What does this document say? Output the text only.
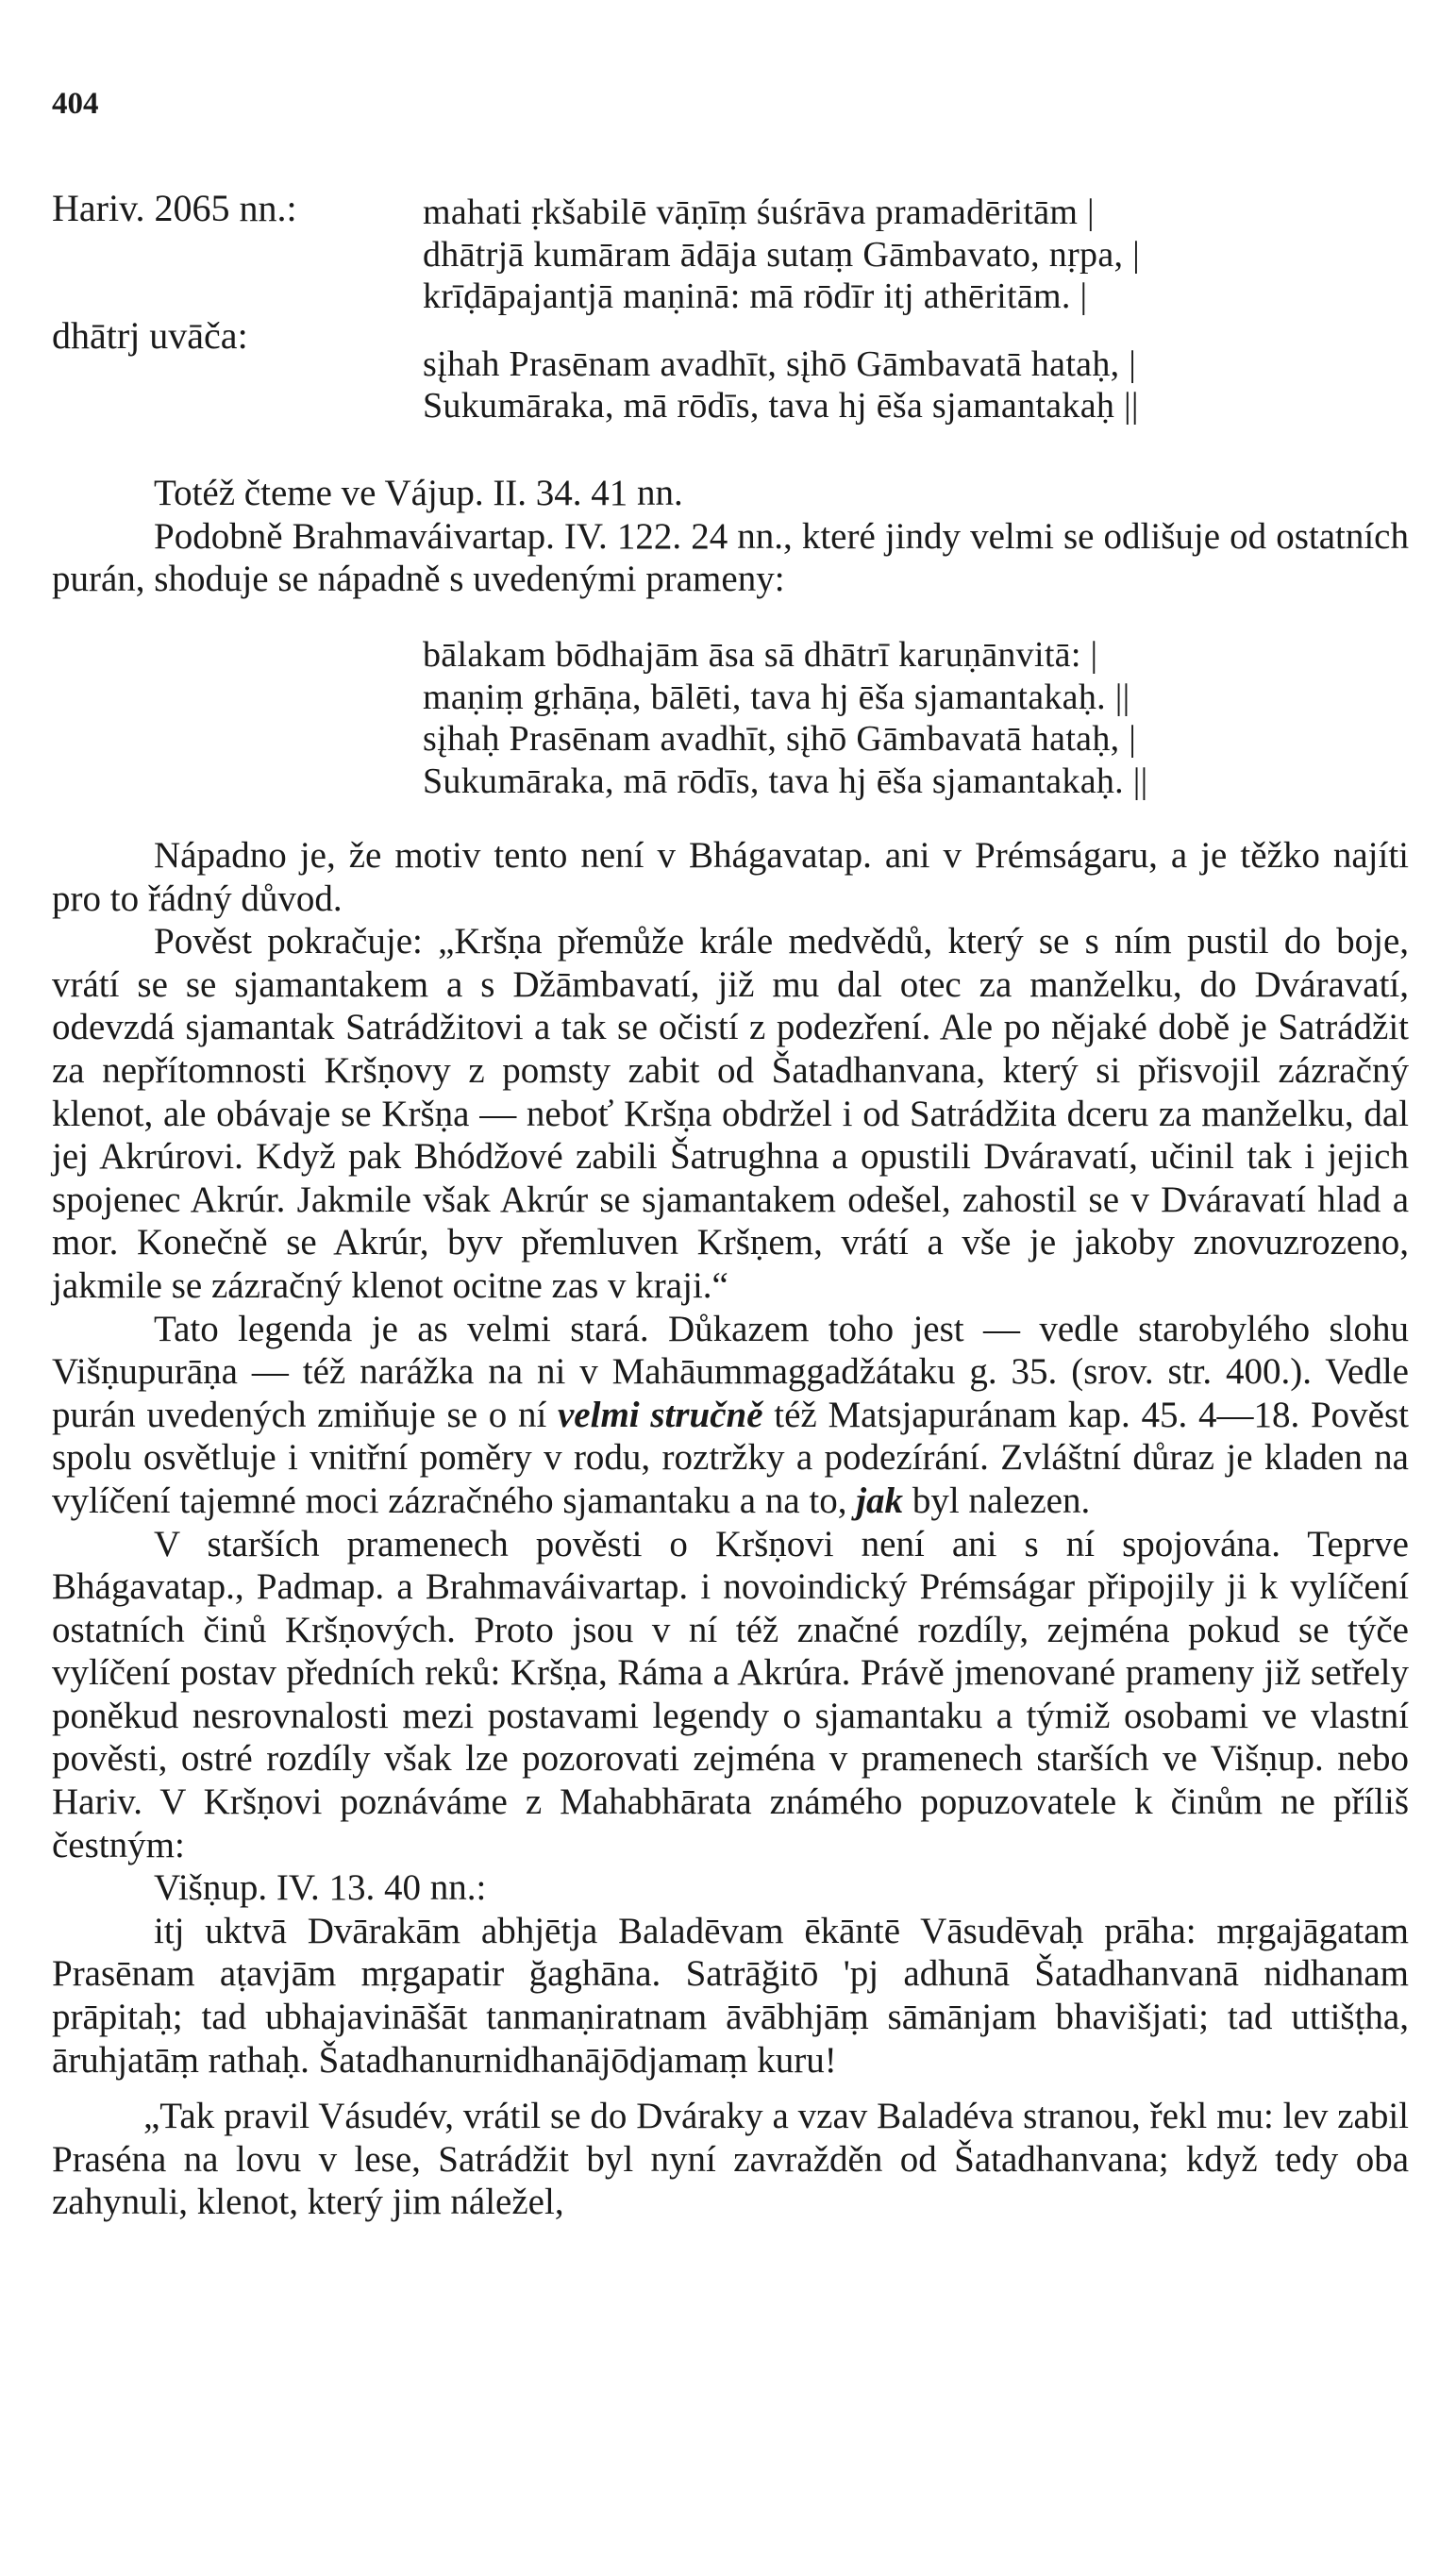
404
Hariv. 2065 nn.:
dhātrj uvāča:
mahati ṛkšabilē vāṇīṃ śuśrāva pramadēritām |
dhātrjā kumāram ādāja sutaṃ Gāmbavato, nṛpa, |
krīḍāpajantjā maṇinā: mā rōdīr itj athēritām. |
sįhah Prasēnam avadhīt, sįhō Gāmbavatā hataḥ, |
Sukumāraka, mā rōdīs, tava hj ēša sjamantakaḥ ||

Totéž čteme ve Vájup. II. 34. 41 nn.

Podobně Brahmaváivartap. IV. 122. 24 nn., které jindy velmi se odlišuje od ostatních purán, shoduje se nápadně s uvedenými prameny:

bālakam bōdhajām āsa sā dhātrī karuṇānvitā: |
maṇiṃ gṛhāṇa, bālēti, tava hj ēša sjamantakaḥ. ||
sįhaḥ Prasēnam avadhīt, sįhō Gāmbavatā hataḥ, |
Sukumāraka, mā rōdīs, tava hj ēša sjamantakaḥ. ||

Nápadno je, že motiv tento není v Bhágavatap. ani v Prémságaru, a je těžko najíti pro to řádný důvod.

Pověst pokračuje: „Kršṇa přemůže krále medvědů, který se s ním pustil do boje, vrátí se se sjamantakem a s Džāmbavatí, již mu dal otec za manželku, do Dváravatí, odevzdá sjamantak Satrádžitovi a tak se očistí z podezření. Ale po nějaké době je Satrádžit za nepřítomnosti Kršṇovy z pomsty zabit od Šatadhanvana, který si přisvojil zázračný klenot, ale obávaje se Kršṇa — neboť Kršṇa obdržel i od Satrádžita dceru za manželku, dal jej Akrúrovi. Když pak Bhódžové zabili Šatrughna a opustili Dváravatí, učinil tak i jejich spojenec Akrúr. Jakmile však Akrúr se sjamantakem odešel, zahostil se v Dváravatí hlad a mor. Konečně se Akrúr, byv přemluven Kršṇem, vrátí a vše je jakoby znovuzrozeno, jakmile se zázračný klenot ocitne zas v kraji.“

Tato legenda je as velmi stará. Důkazem toho jest — vedle starobylého slohu Višṇupurāṇa — též narážka na ni v Mahāummaggadžátaku g. 35. (srov. str. 400.). Vedle purán uvedených zmiňuje se o ní velmi stručně též Matsjapuránam kap. 45. 4—18. Pověst spolu osvětluje i vnitřní poměry v rodu, roztržky a podezírání. Zvláštní důraz je kladen na vylíčení tajemné moci zázračného sjamantaku a na to, jak byl nalezen.

V starších pramenech pověsti o Kršṇovi není ani s ní spojována. Teprve Bhágavatap., Padmap. a Brahmaváivartap. i novoindický Prémságar připojily ji k vylíčení ostatních činů Kršṇových. Proto jsou v ní též značné rozdíly, zejména pokud se týče vylíčení postav předních reků: Kršṇa, Ráma a Akrúra. Právě jmenované prameny již setřely poněkud nesrovnalosti mezi postavami legendy o sjamantaku a týmiž osobami ve vlastní pověsti, ostré rozdíly však lze pozorovati zejména v pramenech starších ve Višṇup. nebo Hariv. V Kršṇovi poznáváme z Mahabhārata známého popuzovatele k činům ne příliš čestným:

Višṇup. IV. 13. 40 nn.:

itj uktvā Dvārakām abhjētja Baladēvam ēkāntē Vāsudēvaḥ prāha: mṛgajāgatam Prasēnam aṭavjām mṛgapatir ğaghāna. Satrāğitō 'pj adhunā Šatadhanvanā nidhanam prāpitaḥ; tad ubhajavināšāt tanmaṇiratnam āvābhjāṃ sāmānjam bhavišjati; tad uttišṭha, āruhjatāṃ rathaḥ. Šatadhanurnidhanājōdjamaṃ kuru!

„Tak pravil Vásudév, vrátil se do Dváraky a vzav Baladéva stranou, řekl mu: lev zabil Praséna na lovu v lese, Satrádžit byl nyní zavražděn od Šatadhanvana; když tedy oba zahynuli, klenot, který jim náležel,
